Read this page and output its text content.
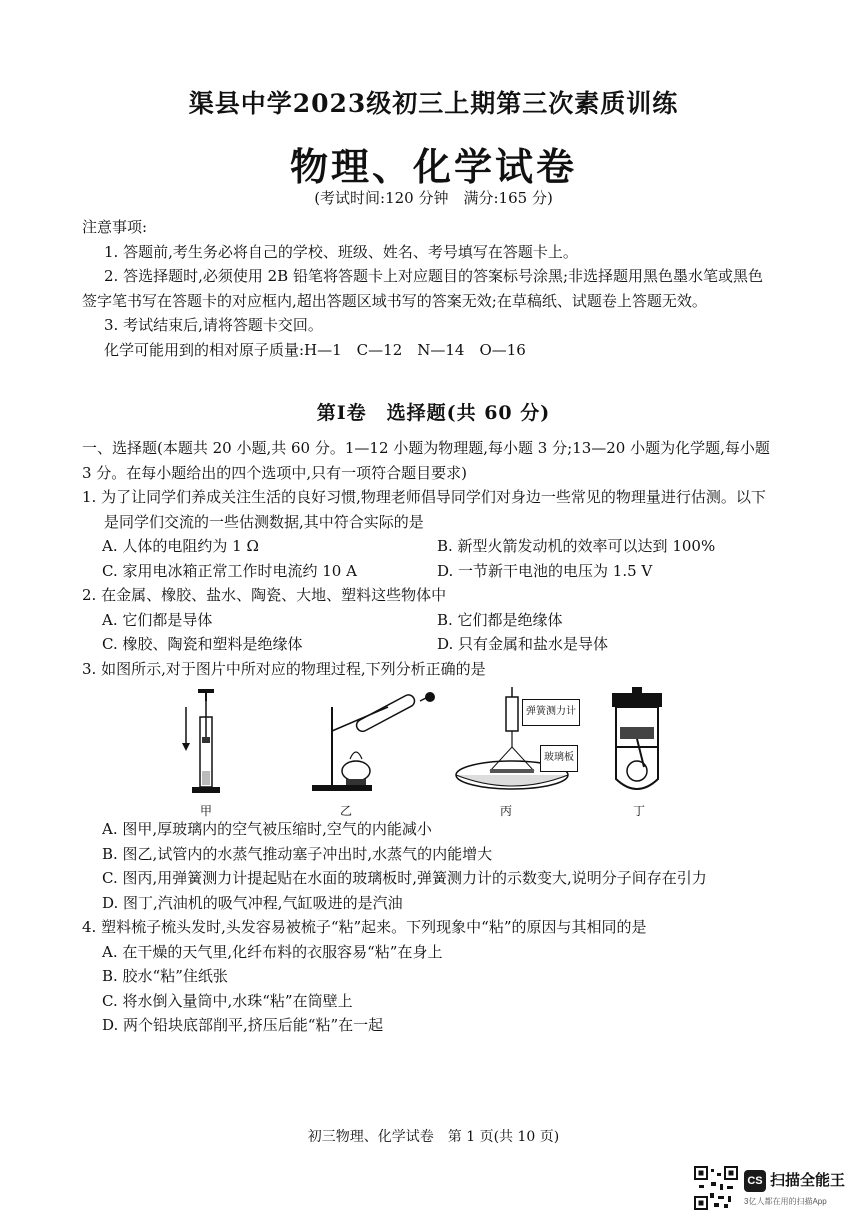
渠县中学2023级初三上期第三次素质训练
物理、化学试卷
(考试时间:120 分钟　满分:165 分)
注意事项:
1. 答题前,考生务必将自己的学校、班级、姓名、考号填写在答题卡上。
2. 答选择题时,必须使用 2B 铅笔将答题卡上对应题目的答案标号涂黑;非选择题用黑色墨水笔或黑色签字笔书写在答题卡的对应框内,超出答题区域书写的答案无效;在草稿纸、试题卷上答题无效。
3. 考试结束后,请将答题卡交回。
化学可能用到的相对原子质量:H—1　C—12　N—14　O—16
第Ⅰ卷　选择题(共 60 分)
一、选择题(本题共 20 小题,共 60 分。1—12 小题为物理题,每小题 3 分;13—20 小题为化学题,每小题 3 分。在每小题给出的四个选项中,只有一项符合题目要求)
1. 为了让同学们养成关注生活的良好习惯,物理老师倡导同学们对身边一些常见的物理量进行估测。以下是同学们交流的一些估测数据,其中符合实际的是
A. 人体的电阻约为 1 Ω	B. 新型火箭发动机的效率可以达到 100%
C. 家用电冰箱正常工作时电流约 10 A	D. 一节新干电池的电压为 1.5 V
2. 在金属、橡胶、盐水、陶瓷、大地、塑料这些物体中
A. 它们都是导体	B. 它们都是绝缘体
C. 橡胶、陶瓷和塑料是绝缘体	D. 只有金属和盐水是导体
3. 如图所示,对于图片中所对应的物理过程,下列分析正确的是
甲	乙
弹簧测力计
玻璃板
丙	丁
A. 图甲,厚玻璃内的空气被压缩时,空气的内能减小
B. 图乙,试管内的水蒸气推动塞子冲出时,水蒸气的内能增大
C. 图丙,用弹簧测力计提起贴在水面的玻璃板时,弹簧测力计的示数变大,说明分子间存在引力
D. 图丁,汽油机的吸气冲程,气缸吸进的是汽油
4. 塑料梳子梳头发时,头发容易被梳子“粘”起来。下列现象中“粘”的原因与其相同的是
A. 在干燥的天气里,化纤布料的衣服容易“粘”在身上
B. 胶水“粘”住纸张
C. 将水倒入量筒中,水珠“粘”在筒壁上
D. 两个铅块底部削平,挤压后能“粘”在一起
初三物理、化学试卷　第 1 页(共 10 页)
CS 扫描全能王
3亿人都在用的扫描App
